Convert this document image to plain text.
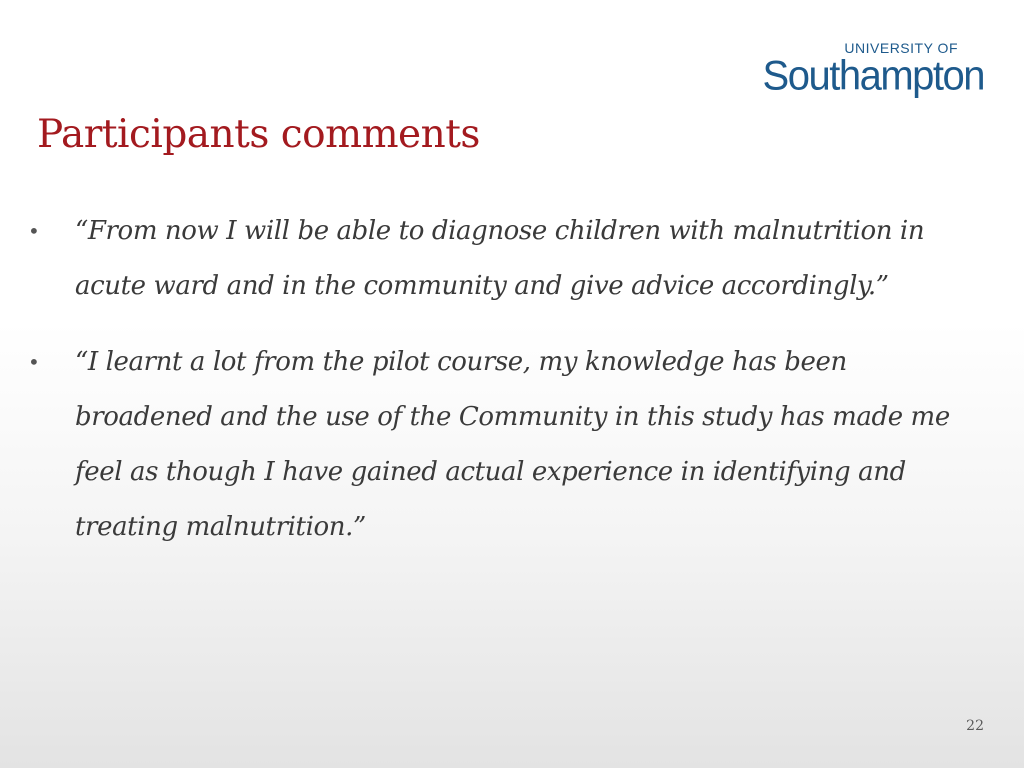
UNIVERSITY OF
Southampton
Participants comments
• “From now I will be able to diagnose children with malnutrition in acute ward and in the community and give advice accordingly.”
• “I learnt a lot from the pilot course, my knowledge has been broadened and the use of the Community in this study has made me feel as though I have gained actual experience in identifying and treating malnutrition.”
22
